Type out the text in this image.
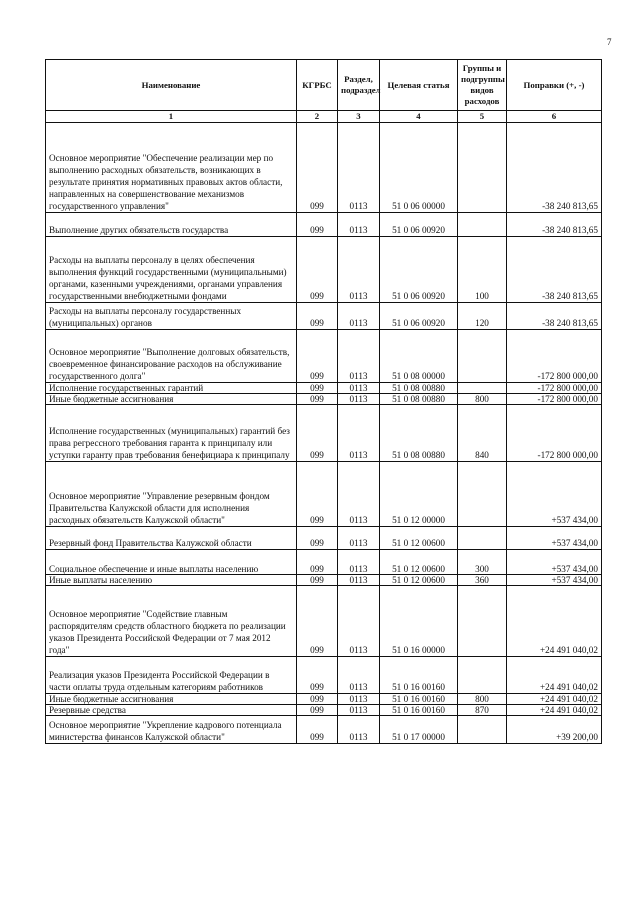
7
Наименование	КГРБС	Раздел, подраздел	Целевая статья	Группы и подгруппы видов расходов	Поправки (+, -)
1	2	3	4	5	6
Основное мероприятие "Обеспечение реализации мер по выполнению расходных обязательств, возникающих в результате принятия нормативных правовых актов области, направленных на совершенствование механизмов государственного управления"	099	0113	51 0 06 00000		-38 240 813,65
Выполнение других обязательств государства	099	0113	51 0 06 00920		-38 240 813,65
Расходы на выплаты персоналу в целях обеспечения выполнения функций государственными (муниципальными) органами, казенными учреждениями, органами управления государственными внебюджетными фондами	099	0113	51 0 06 00920	100	-38 240 813,65
Расходы на выплаты персоналу государственных (муниципальных) органов	099	0113	51 0 06 00920	120	-38 240 813,65
Основное мероприятие "Выполнение долговых обязательств, своевременное финансирование расходов на обслуживание государственного долга"	099	0113	51 0 08 00000		-172 800 000,00
Исполнение государственных гарантий	099	0113	51 0 08 00880		-172 800 000,00
Иные бюджетные ассигнования	099	0113	51 0 08 00880	800	-172 800 000,00
Исполнение государственных (муниципальных) гарантий без права регрессного требования гаранта к принципалу или уступки гаранту прав требования бенефициара к принципалу	099	0113	51 0 08 00880	840	-172 800 000,00
Основное мероприятие "Управление резервным фондом Правительства Калужской области для исполнения расходных обязательств Калужской области"	099	0113	51 0 12 00000		+537 434,00
Резервный фонд Правительства Калужской области	099	0113	51 0 12 00600		+537 434,00
Социальное обеспечение и иные выплаты населению	099	0113	51 0 12 00600	300	+537 434,00
Иные выплаты населению	099	0113	51 0 12 00600	360	+537 434,00
Основное мероприятие "Содействие главным распорядителям средств областного бюджета по реализации указов Президента Российской Федерации от 7 мая 2012 года"	099	0113	51 0 16 00000		+24 491 040,02
Реализация указов Президента Российской Федерации в части оплаты труда отдельным категориям работников	099	0113	51 0 16 00160		+24 491 040,02
Иные бюджетные ассигнования	099	0113	51 0 16 00160	800	+24 491 040,02
Резервные средства	099	0113	51 0 16 00160	870	+24 491 040,02
Основное мероприятие "Укрепление кадрового потенциала министерства финансов Калужской области"	099	0113	51 0 17 00000		+39 200,00
